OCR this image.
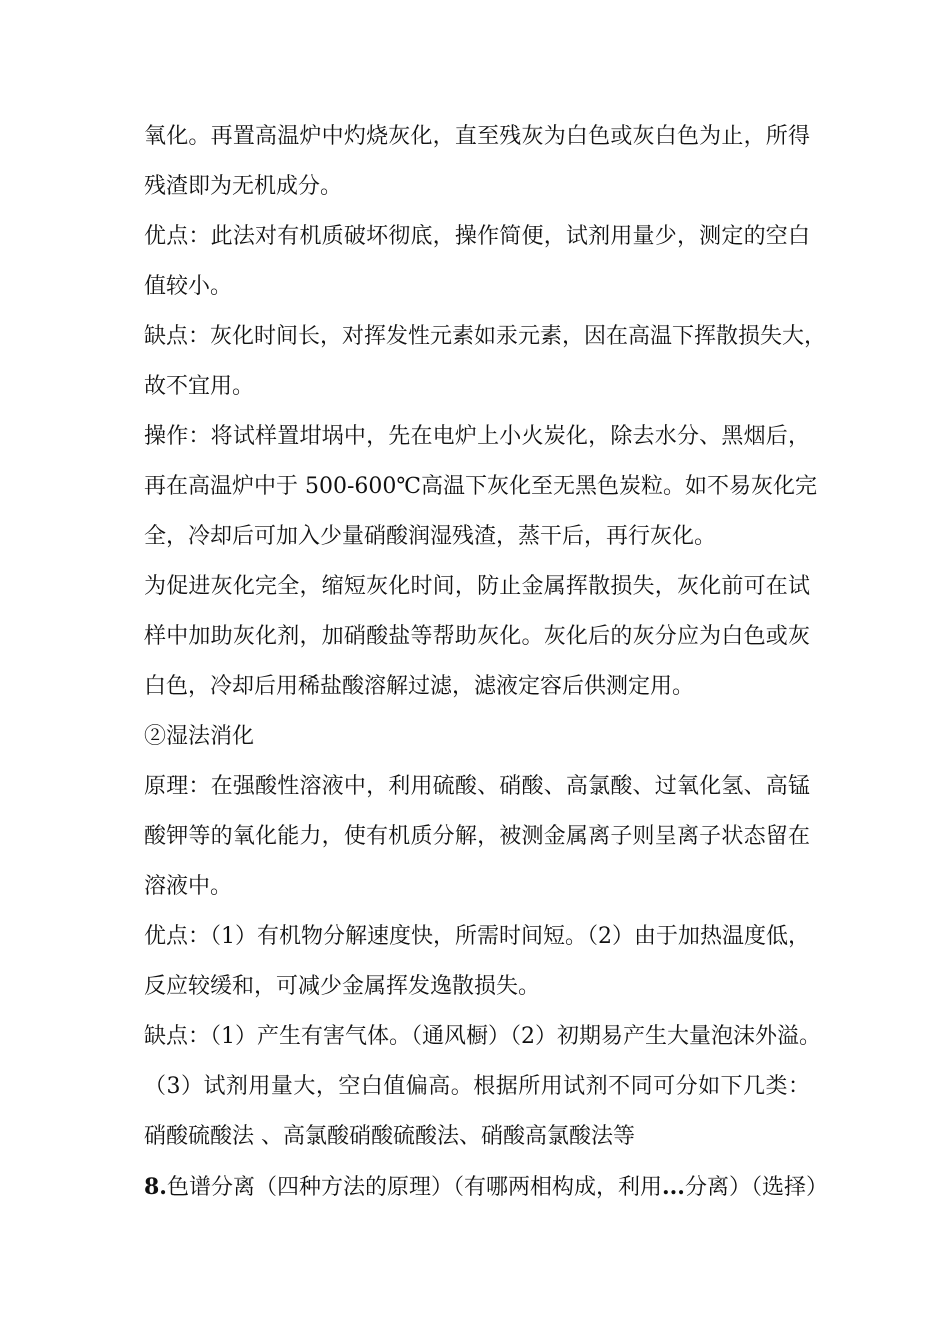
氧化。再置高温炉中灼烧灰化，直至残灰为白色或灰白色为止，所得
残渣即为无机成分。

优点：此法对有机质破坏彻底，操作简便，试剂用量少，测定的空白
值较小。

缺点：灰化时间长，对挥发性元素如汞元素，因在高温下挥散损失大，
故不宜用。

操作：将试样置坩埚中，先在电炉上小火炭化，除去水分、黑烟后，
再在高温炉中于 500-600℃高温下灰化至无黑色炭粒。如不易灰化完
全，冷却后可加入少量硝酸润湿残渣，蒸干后，再行灰化。

为促进灰化完全，缩短灰化时间，防止金属挥散损失，灰化前可在试
样中加助灰化剂，加硝酸盐等帮助灰化。灰化后的灰分应为白色或灰
白色，冷却后用稀盐酸溶解过滤，滤液定容后供测定用。

②湿法消化

原理：在强酸性溶液中，利用硫酸、硝酸、高氯酸、过氧化氢、高锰
酸钾等的氧化能力，使有机质分解，被测金属离子则呈离子状态留在
溶液中。

优点：（1）有机物分解速度快，所需时间短。（2）由于加热温度低，
反应较缓和，可减少金属挥发逸散损失。

缺点：（1）产生有害气体。（通风橱）（2）初期易产生大量泡沫外溢。
（3）试剂用量大，空白值偏高。根据所用试剂不同可分如下几类：
硝酸硫酸法 、高氯酸硝酸硫酸法、硝酸高氯酸法等

8.色谱分离（四种方法的原理）（有哪两相构成，利用...分离）（选择）
